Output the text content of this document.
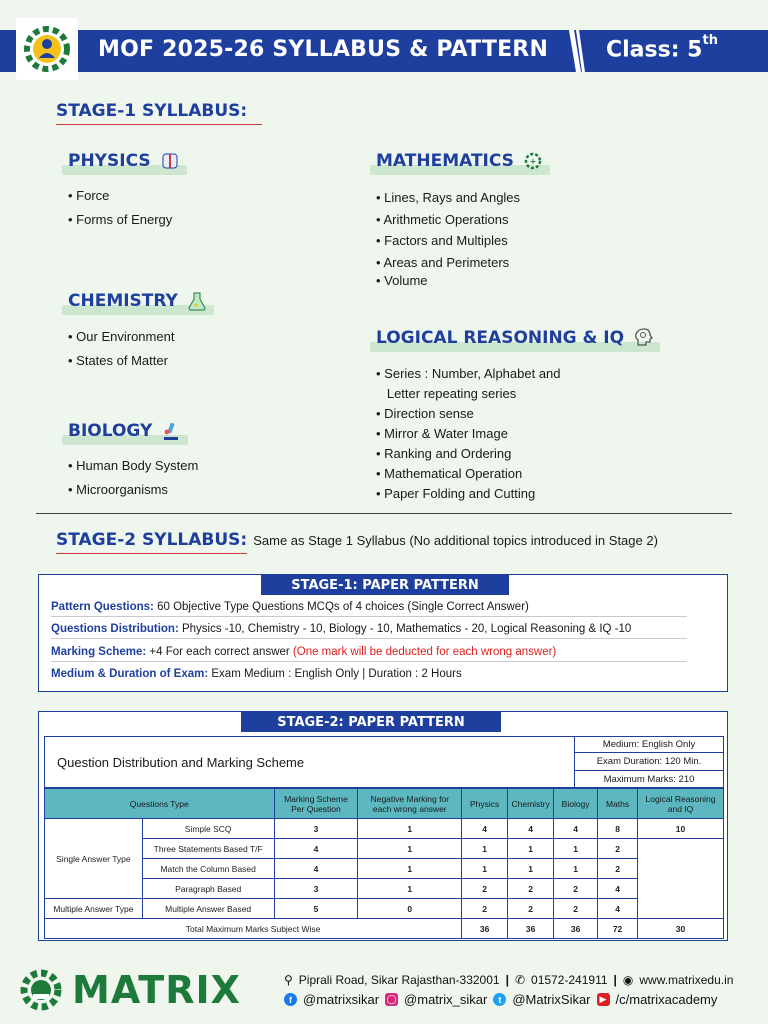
MOF 2025-26 SYLLABUS & PATTERN	Class: 5th
STAGE-1 SYLLABUS:
PHYSICS
• Force
• Forms of Energy
CHEMISTRY
• Our Environment
• States of Matter
BIOLOGY
• Human Body System
• Microorganisms
MATHEMATICS +
• Lines, Rays and Angles
• Arithmetic Operations
• Factors and Multiples
• Areas and Perimeters
• Volume
LOGICAL REASONING & IQ
• Series : Number, Alphabet and
Letter repeating series
• Direction sense
• Mirror & Water Image
• Ranking and Ordering
• Mathematical Operation
• Paper Folding and Cutting
STAGE-2 SYLLABUS: Same as Stage 1 Syllabus (No additional topics introduced in Stage 2)
STAGE-1: PAPER PATTERN
Pattern Questions: 60 Objective Type Questions MCQs of 4 choices (Single Correct Answer)
Questions Distribution: Physics -10, Chemistry - 10, Biology - 10, Mathematics - 20, Logical Reasoning & IQ -10
Marking Scheme: +4 For each correct answer (One mark will be deducted for each wrong answer)
Medium & Duration of Exam: Exam Medium : English Only | Duration : 2 Hours
STAGE-2: PAPER PATTERN
Question Distribution and Marking Scheme
Medium: English Only
Exam Duration: 120 Min.
Maximum Marks: 210
Questions Type		Marking Scheme Per Question	Negative Marking for each wrong answer	Physics	Chemistry	Biology	Maths	Logical Reasoning and IQ
Single Answer Type	Simple SCQ	3	1	4	4	4	8	10
	Three Statements Based T/F	4	1	1	1	1	2	
	Match the Column Based	4	1	1	1	1	2	
	Paragraph Based	3	1	2	2	2	4	
Multiple Answer Type	Multiple Answer Based	5	0	2	2	2	4	
Total Maximum Marks Subject Wise				36	36	36	72	30
MATRIX	⚲ Piprali Road, Sikar Rajasthan-332001 | ✆ 01572-241911 | ◉ www.matrixedu.in
f @matrixsikar ◯ @matrix_sikar	t @MatrixSikar	▶ /c/matrixacademy
